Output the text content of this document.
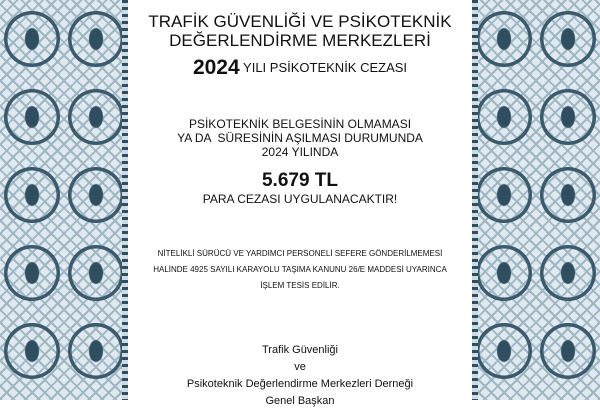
TRAFİK GÜVENLİĞİ VE PSİKOTEKNİK
DEĞERLENDİRME MERKEZLERİ
2024 YILI PSİKOTEKNİK CEZASI
PSİKOTEKNİK BELGESİNİN OLMAMASI
YA DA  SÜRESİNİN AŞILMASI DURUMUNDA
2024 YILINDA
5.679 TL
PARA CEZASI UYGULANACAKTIR!
NİTELİKLİ SÜRÜCÜ VE YARDIMCI PERSONELİ SEFERE GÖNDERİLMEMESİ
HALİNDE 4925 SAYILI KARAYOLU TAŞIMA KANUNU 26/E MADDESİ UYARINCA
İŞLEM TESİS EDİLİR.
Trafik Güvenliği
ve
Psikoteknik Değerlendirme Merkezleri Derneği
Genel Başkan
